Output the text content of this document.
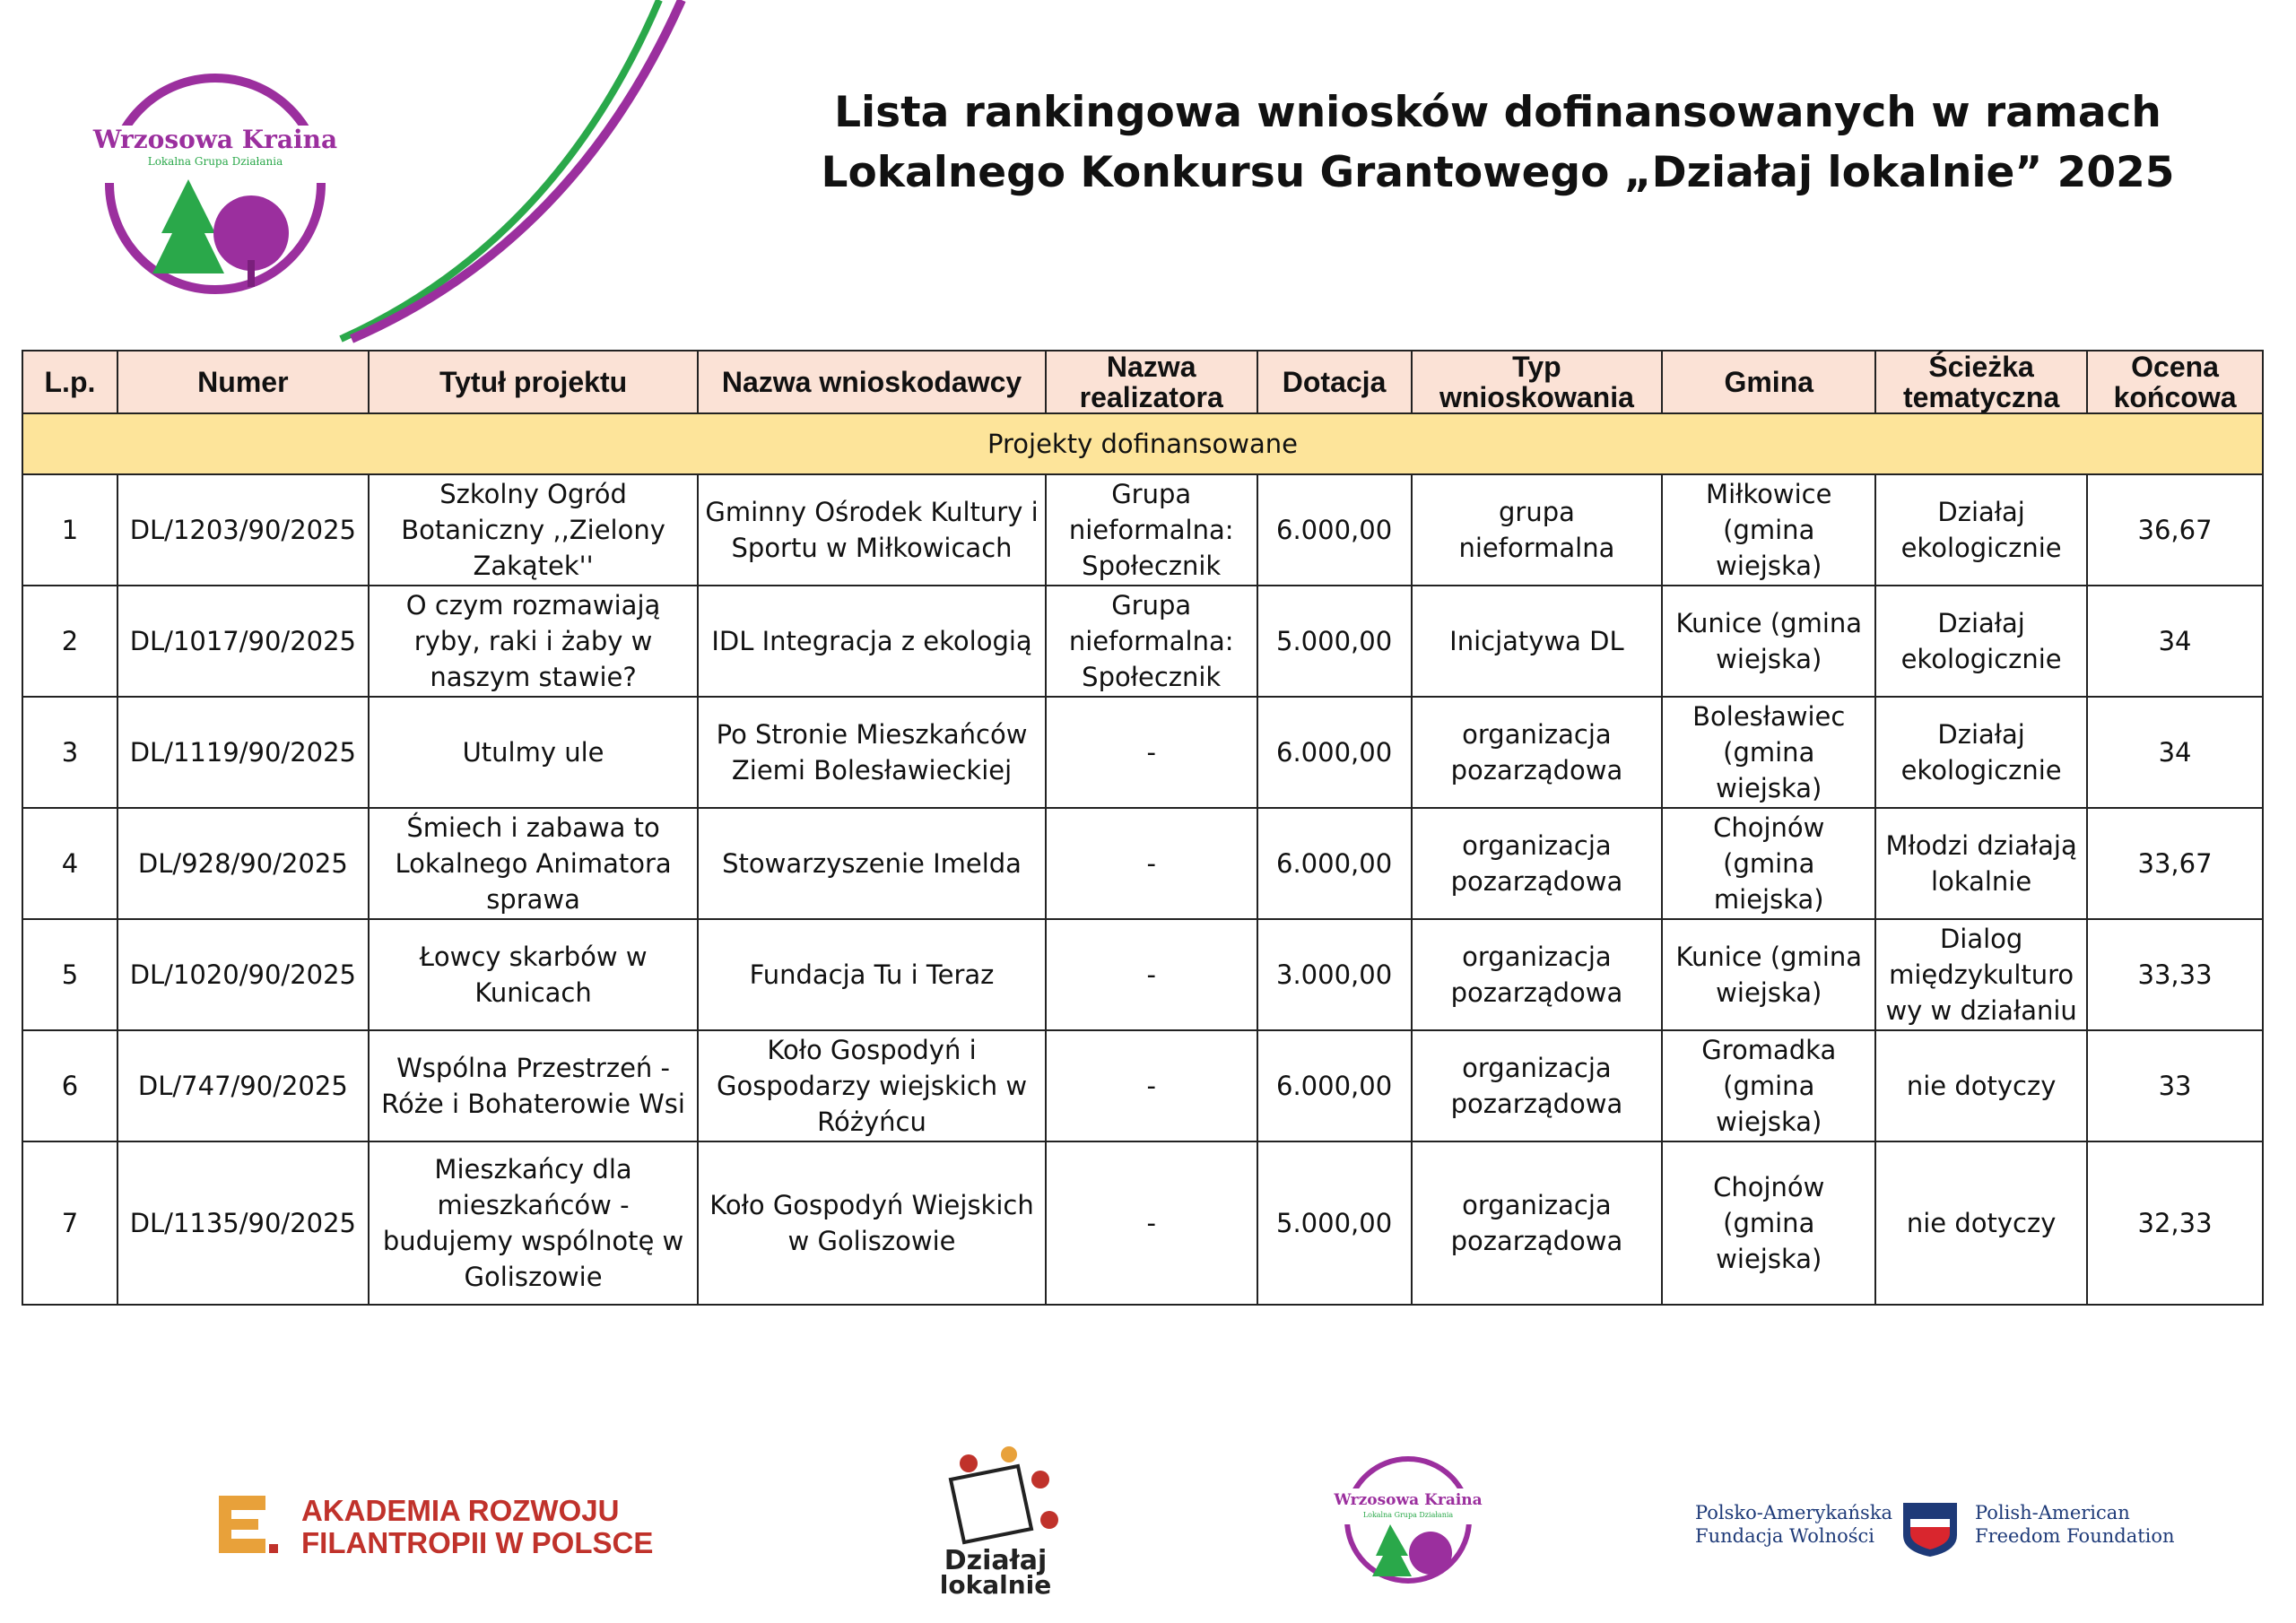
Wrzosowa Kraina
Lokalna Grupa Działania
Lista rankingowa wniosków dofinansowanych w ramach
Lokalnego Konkursu Grantowego „Działaj lokalnie” 2025
L.p.	Numer	Tytuł projektu	Nazwa wnioskodawcy	Nazwa realizatora	Dotacja	Typ wnioskowania	Gmina	Ścieżka tematyczna	Ocena końcowa
Projekty dofinansowane									
1	DL/1203/90/2025	Szkolny Ogród Botaniczny ,,Zielony Zakątek''	Gminny Ośrodek Kultury i Sportu w Miłkowicach	Grupa nieformalna: Społecznik	6.000,00	grupa nieformalna	Miłkowice (gmina wiejska)	Działaj ekologicznie	36,67
2	DL/1017/90/2025	O czym rozmawiają ryby, raki i żaby w naszym stawie?	IDL Integracja z ekologią	Grupa nieformalna: Społecznik	5.000,00	Inicjatywa DL	Kunice (gmina wiejska)	Działaj ekologicznie	34
3	DL/1119/90/2025	Utulmy ule	Po Stronie Mieszkańców Ziemi Bolesławieckiej	-	6.000,00	organizacja pozarządowa	Bolesławiec (gmina wiejska)	Działaj ekologicznie	34
4	DL/928/90/2025	Śmiech i zabawa to Lokalnego Animatora sprawa	Stowarzyszenie Imelda	-	6.000,00	organizacja pozarządowa	Chojnów (gmina miejska)	Młodzi działają lokalnie	33,67
5	DL/1020/90/2025	Łowcy skarbów w Kunicach	Fundacja Tu i Teraz	-	3.000,00	organizacja pozarządowa	Kunice (gmina wiejska)	Dialog międzykulturo wy w działaniu	33,33
6	DL/747/90/2025	Wspólna Przestrzeń - Róże i Bohaterowie Wsi	Koło Gospodyń i Gospodarzy wiejskich w Różyńcu	-	6.000,00	organizacja pozarządowa	Gromadka (gmina wiejska)	nie dotyczy	33
7	DL/1135/90/2025	Mieszkańcy dla mieszkańców - budujemy wspólnotę w Goliszowie	Koło Gospodyń Wiejskich w Goliszowie	-	5.000,00	organizacja pozarządowa	Chojnów (gmina wiejska)	nie dotyczy	32,33
AKADEMIA ROZWOJU
FILANTROPII W POLSCE
Działaj
lokalnie
Wrzosowa Kraina
Lokalna Grupa Działania	Polsko-Amerykańska
Fundacja Wolności
Polish-American
Freedom Foundation
